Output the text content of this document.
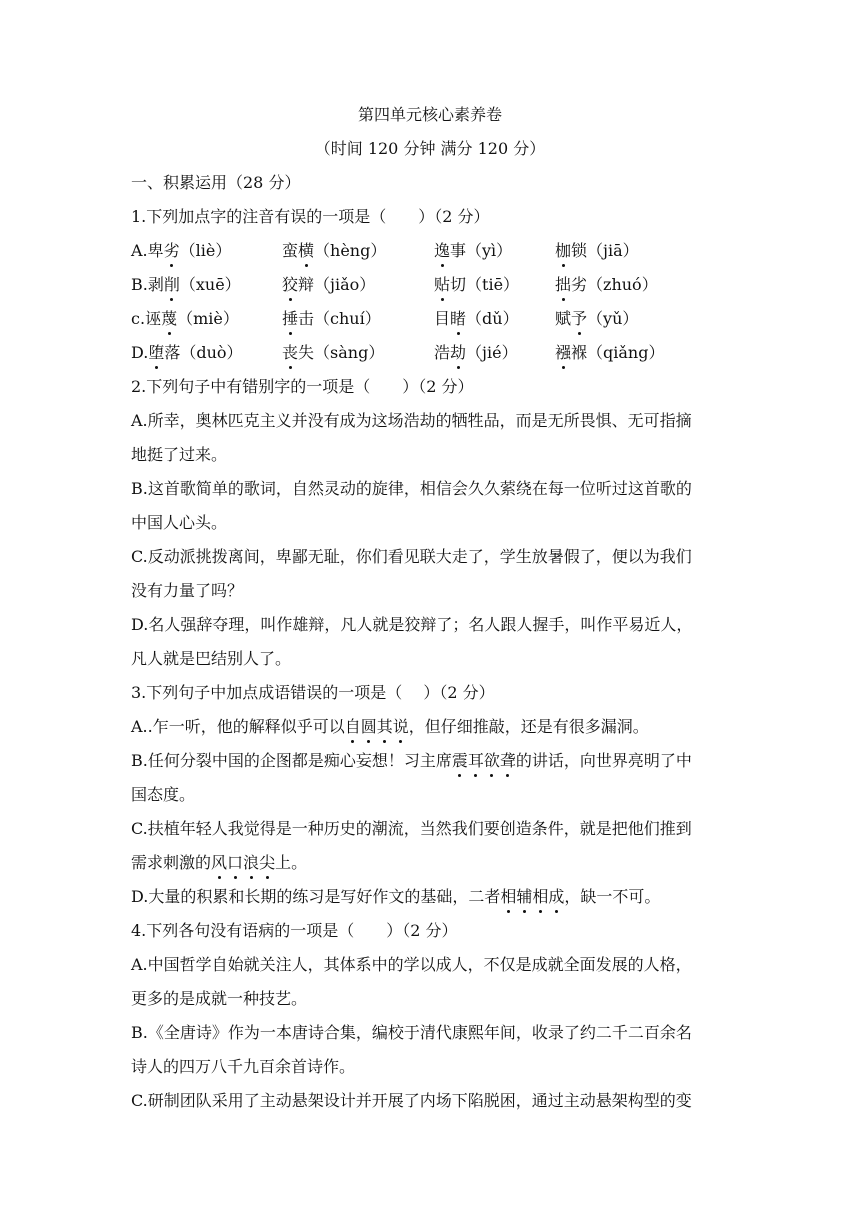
第四单元核心素养卷
（时间 120 分钟 满分 120 分）
一、积累运用（28 分）
1.下列加点字的注音有误的一项是（　　）（2 分）
A.卑劣（liè）	蛮横（hèng）	逸事（yì）	枷锁（jiā）
B.剥削（xuē）	狡辩（jiǎo）	贴切（tiē） 拙劣（zhuó）
c.诬蔑（miè）	捶击（chuí）	目睹（dǔ） 赋予（yǔ）
D.堕落（duò） 丧失（sàng）	浩劫（jié） 襁褓（qiǎng）
2.下列句子中有错别字的一项是（　　）（2 分）
A.所幸，奥林匹克主义并没有成为这场浩劫的牺牲品，而是无所畏惧、无可指摘
地挺了过来。
B.这首歌简单的歌词，自然灵动的旋律，相信会久久萦绕在每一位听过这首歌的
中国人心头。
C.反动派挑拨离间，卑鄙无耻，你们看见联大走了，学生放暑假了，便以为我们
没有力量了吗？
D.名人强辞夺理，叫作雄辩，凡人就是狡辩了；名人跟人握手，叫作平易近人，
凡人就是巴结别人了。
3.下列句子中加点成语错误的一项是（　 ）（2 分）
A..乍一听，他的解释似乎可以自圆其说，但仔细推敲，还是有很多漏洞。
B.任何分裂中国的企图都是痴心妄想！习主席震耳欲聋的讲话，向世界亮明了中
国态度。
C.扶植年轻人我觉得是一种历史的潮流，当然我们要创造条件，就是把他们推到
需求刺激的风口浪尖上。
D.大量的积累和长期的练习是写好作文的基础，二者相辅相成，缺一不可。
4.下列各句没有语病的一项是（　　）（2 分）
A.中国哲学自始就关注人，其体系中的学以成人，不仅是成就全面发展的人格，
更多的是成就一种技艺。
B.《全唐诗》作为一本唐诗合集，编校于清代康熙年间，收录了约二千二百余名
诗人的四万八千九百余首诗作。
C.研制团队采用了主动悬架设计并开展了内场下陷脱困，通过主动悬架构型的变
